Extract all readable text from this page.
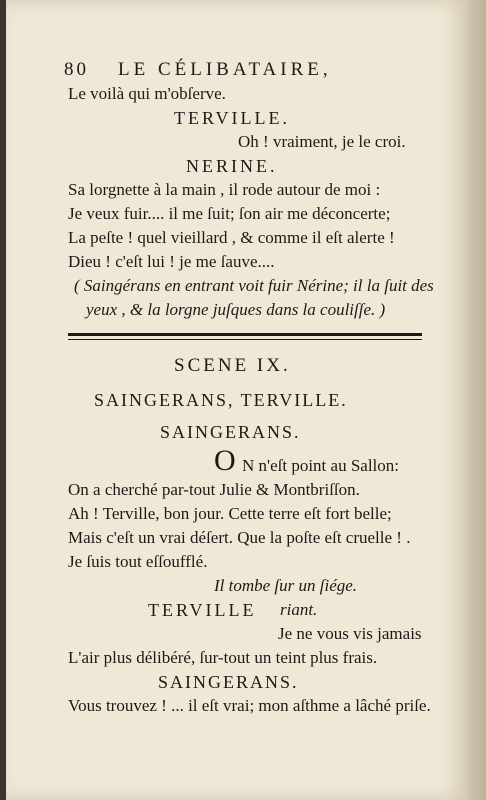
80 LE CÉLIBATAIRE,
Le voilà qui m'obſerve.
TERVILLE.
Oh ! vraiment, je le croi.
NERINE.
Sa lorgnette à la main , il rode autour de moi :
Je veux fuir.... il me ſuit; ſon air me déconcerte;
La peſte ! quel vieillard , & comme il eſt alerte !
Dieu ! c'eſt lui ! je me ſauve....
( Saingérans en entrant voit fuir Nérine; il la ſuit des
yeux , & la lorgne juſques dans la couliſſe. )
SCENE IX.
SAINGERANS, TERVILLE.
SAINGERANS.
O N n'eſt point au Sallon:
On a cherché par-tout Julie & Montbriſſon.
Ah ! Terville, bon jour. Cette terre eſt fort belle;
Mais c'eſt un vrai déſert. Que la poſte eſt cruelle ! .
Je ſuis tout eſſoufflé.
Il tombe ſur un ſiége.
TERVILLE riant.
Je ne vous vis jamais
L'air plus délibéré, ſur-tout un teint plus frais.
SAINGERANS.
Vous trouvez ! ... il eſt vrai; mon aſthme a lâché priſe.
